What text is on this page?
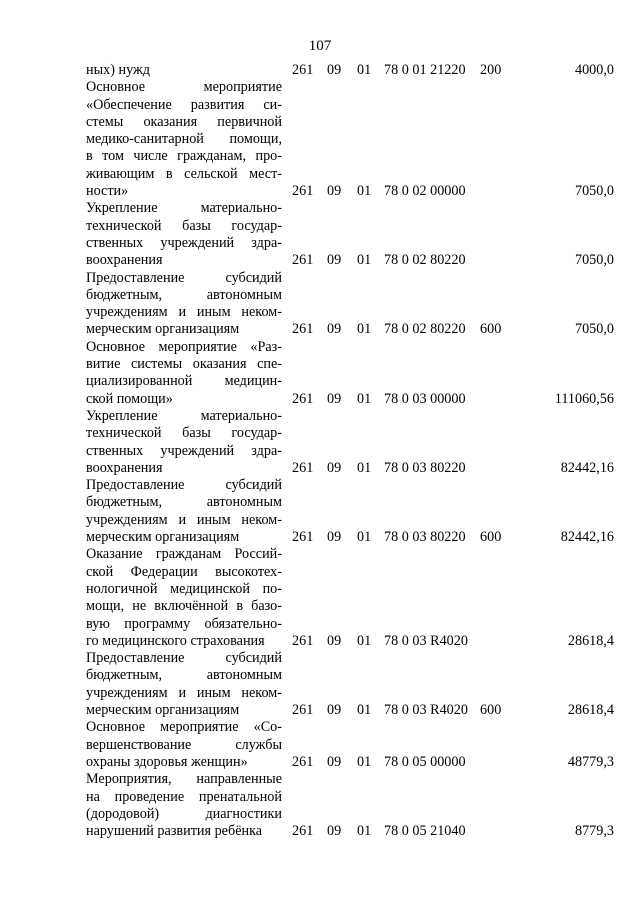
107
ных) нужд	261 09 01 78 0 01 21220 200	4000,0
Основное мероприятие
«Обеспечение развития си-
стемы оказания первичной
медико-санитарной помощи,
в том числе гражданам, про-
живающим в сельской мест-
ности»	261 09 01 78 0 02 00000	7050,0
Укрепление материально-
технической базы государ-
ственных учреждений здра-
воохранения	261 09 01 78 0 02 80220	7050,0
Предоставление субсидий
бюджетным, автономным
учреждениям и иным неком-
мерческим организациям	261 09 01 78 0 02 80220 600	7050,0
Основное мероприятие «Раз-
витие системы оказания спе-
циализированной медицин-
ской помощи»	261 09 01 78 0 03 00000	111060,56
Укрепление материально-
технической базы государ-
ственных учреждений здра-
воохранения	261 09 01 78 0 03 80220	82442,16
Предоставление субсидий
бюджетным, автономным
учреждениям и иным неком-
мерческим организациям	261 09 01 78 0 03 80220 600	82442,16
Оказание гражданам Россий-
ской Федерации высокотех-
нологичной медицинской по-
мощи, не включённой в базо-
вую программу обязательно-
го медицинского страхования	261 09 01 78 0 03 R4020	28618,4
Предоставление субсидий
бюджетным, автономным
учреждениям и иным неком-
мерческим организациям	261 09 01 78 0 03 R4020 600	28618,4
Основное мероприятие «Со-
вершенствование службы
охраны здоровья женщин»	261 09 01 78 0 05 00000	48779,3
Мероприятия, направленные
на проведение пренатальной
(дородовой) диагностики
нарушений развития ребёнка	261 09 01 78 0 05 21040	8779,3
